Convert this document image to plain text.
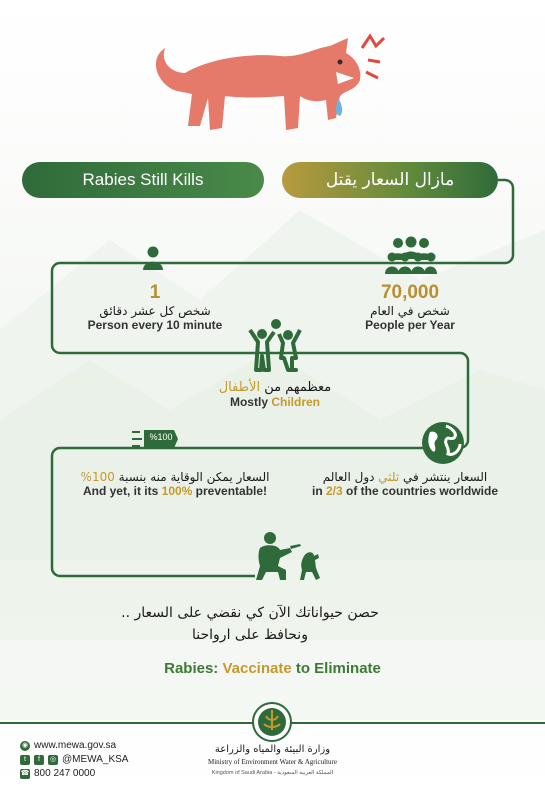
Rabies Still Kills	مازال السعار يقتل
70,000
شخص في العام
People per Year
1
شخص كل عشر دقائق
Person every 10 minute
معظمهم من الأطفال
Mostly Children
السعار ينتشر في ثلثي دول العالم
in 2/3 of the countries worldwide
%100
السعار يمكن الوقاية منه بنسبة 100%
And yet, it its 100% preventable!
حصن حيواناتك الآن كي نقضي على السعار ..
ونحافظ على ارواحنا
Rabies: Vaccinate to Eliminate
وزارة البيئة والمياه والزراعة
Ministry of Environment Water & Agriculture
Kingdom of Saudi Arabia - المملكة العربية السعودية
◉ www.mewa.gov.sa
t	f	◎ @MEWA_KSA
☎ 800 247 0000
